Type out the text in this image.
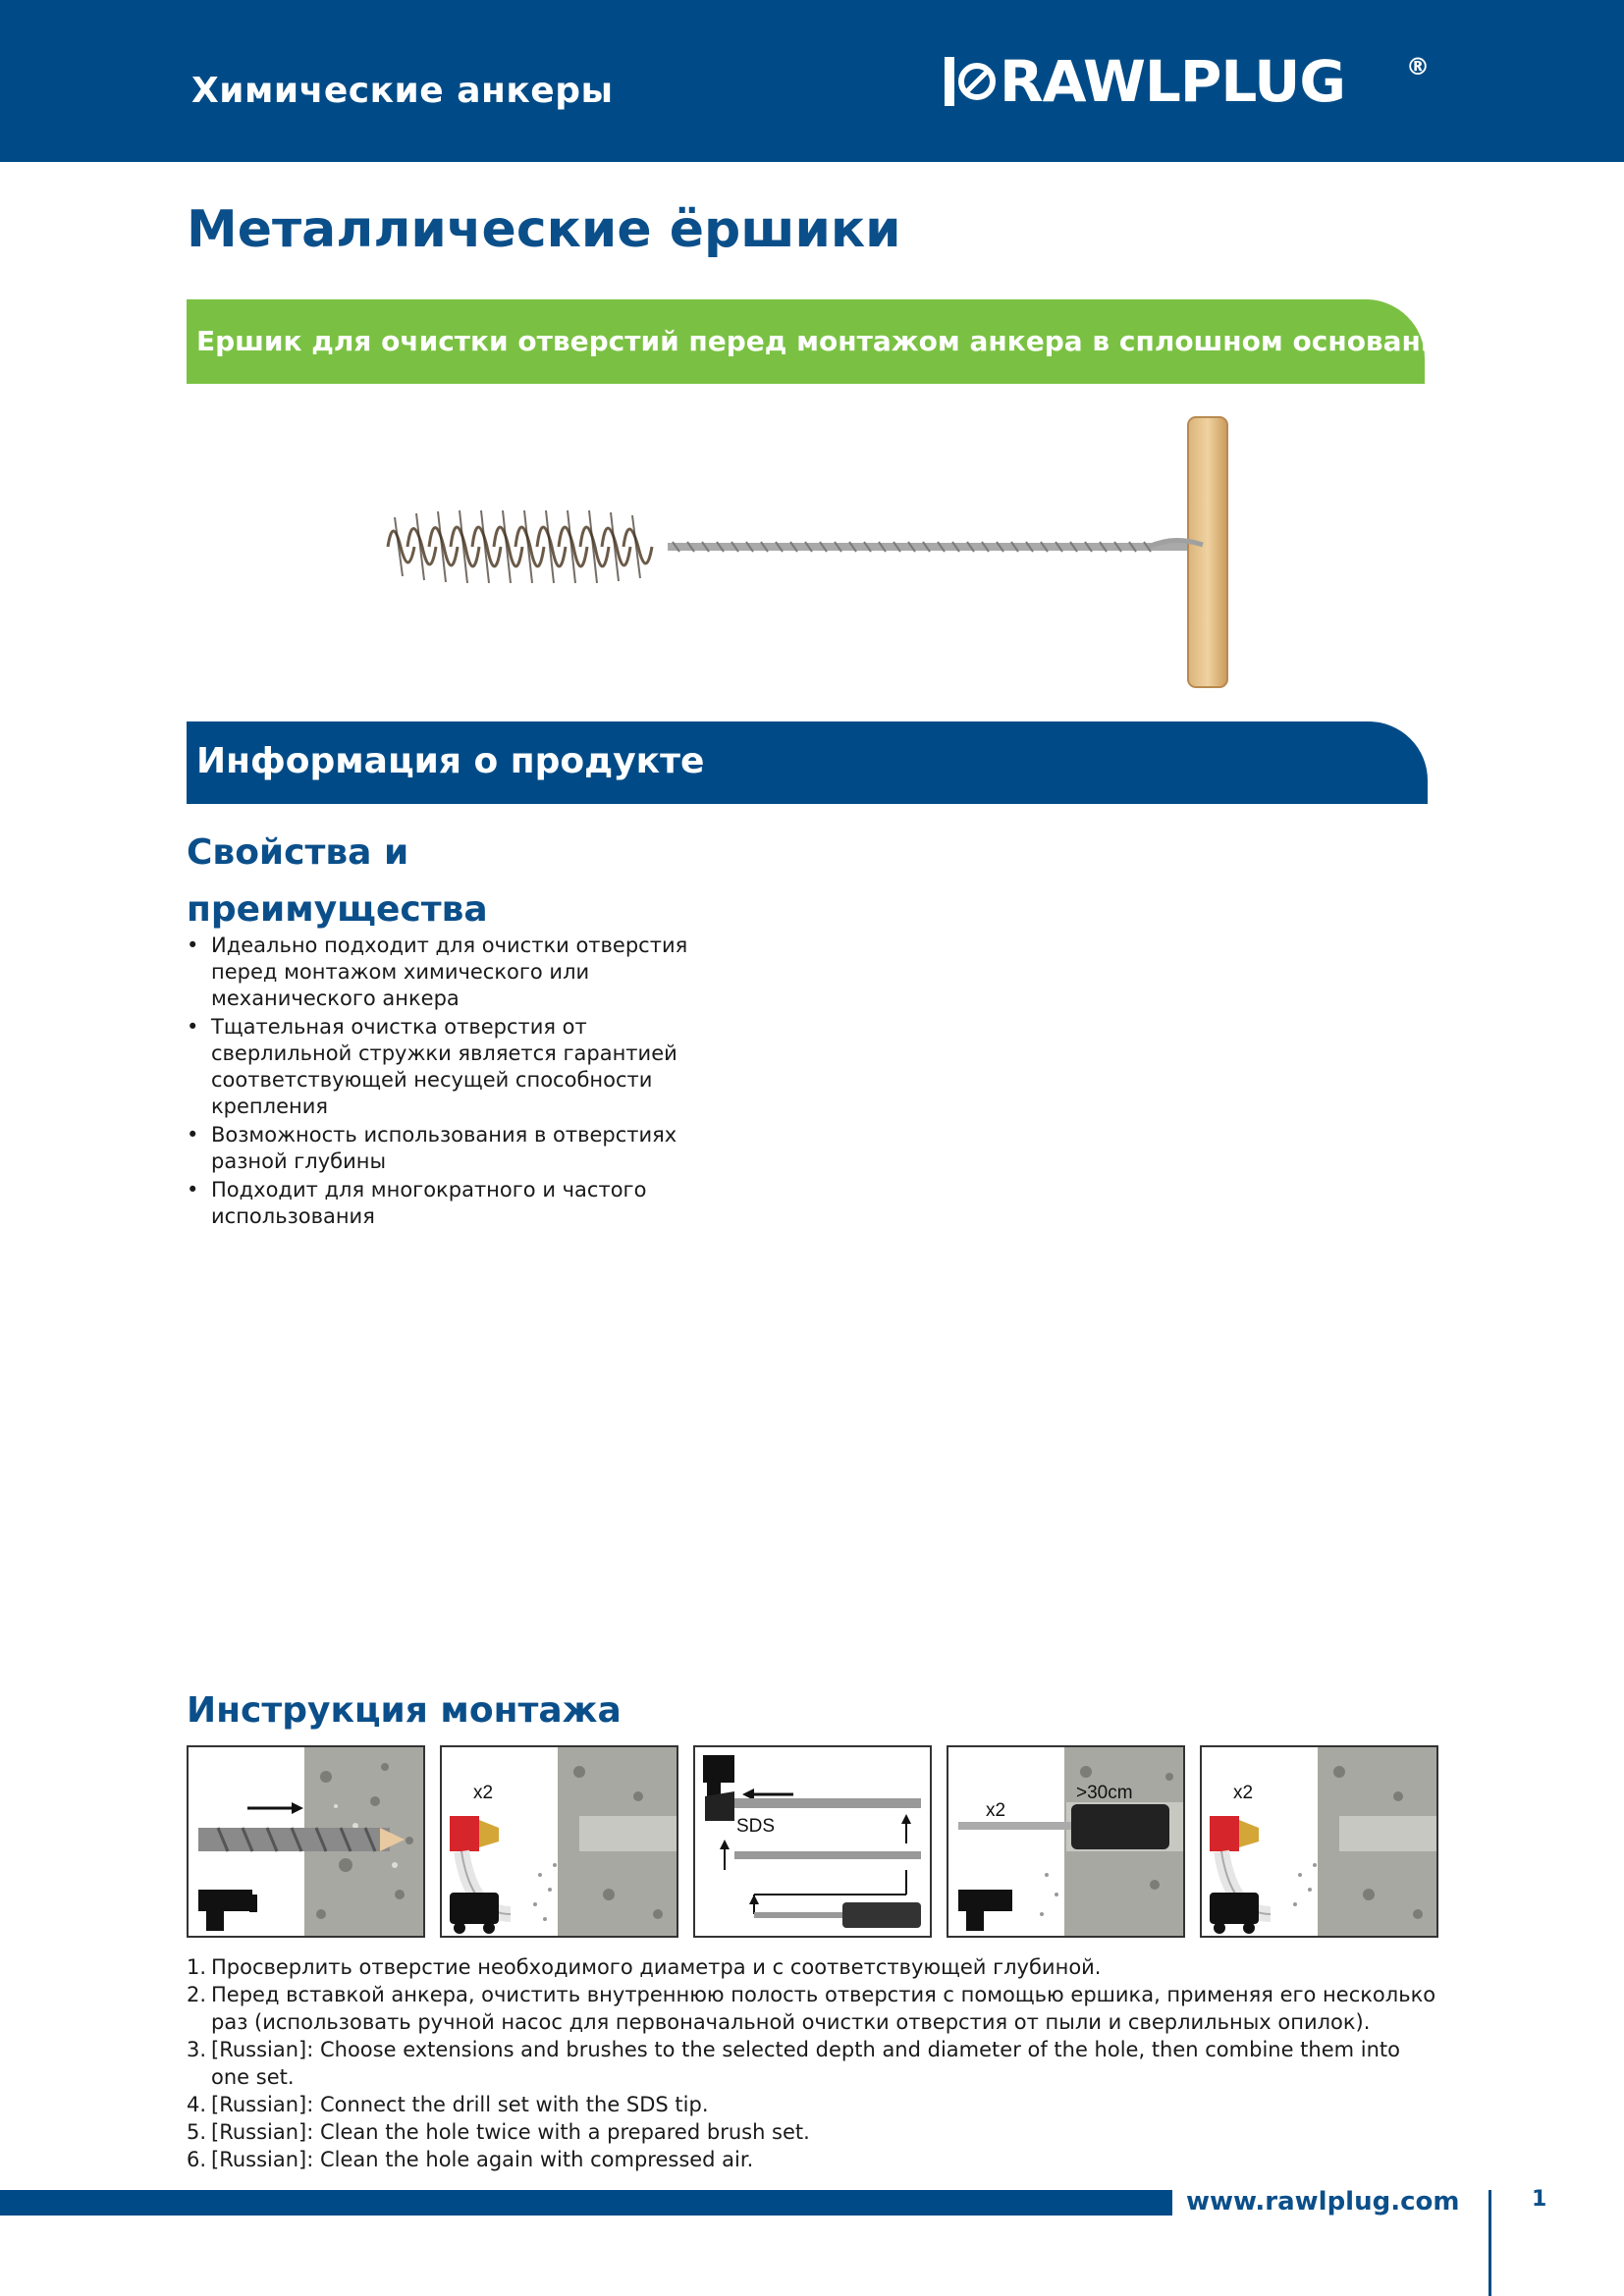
Химические анкеры	RAWLPLUG	®
Металлические ёршики
Ершик для очистки отверстий перед монтажом анкера в сплошном основании
Информация о продукте
Свойства и преимущества
• Идеально подходит для очистки отверстия перед монтажом химического или механического анкера
• Тщательная очистка отверстия от сверлильной стружки является гарантией соответствующей несущей способности крепления
• Возможность использования в отверстиях разной глубины
• Подходит для многократного и частого использования
Инструкция монтажа
x2
SDS
>30cm
x2
x2
1. Просверлить отверстие необходимого диаметра и с соответствующей глубиной.
2. Перед вставкой анкера, очистить внутреннюю полость отверстия с помощью ершика, применяя его несколько раз (использовать ручной насос для первоначальной очистки отверстия от пыли и сверлильных опилок).
3. [Russian]: Choose extensions and brushes to the selected depth and diameter of the hole, then combine them into one set.
4. [Russian]: Connect the drill set with the SDS tip.
5. [Russian]: Clean the hole twice with a prepared brush set.
6. [Russian]: Clean the hole again with compressed air.
www.rawlplug.com	1
